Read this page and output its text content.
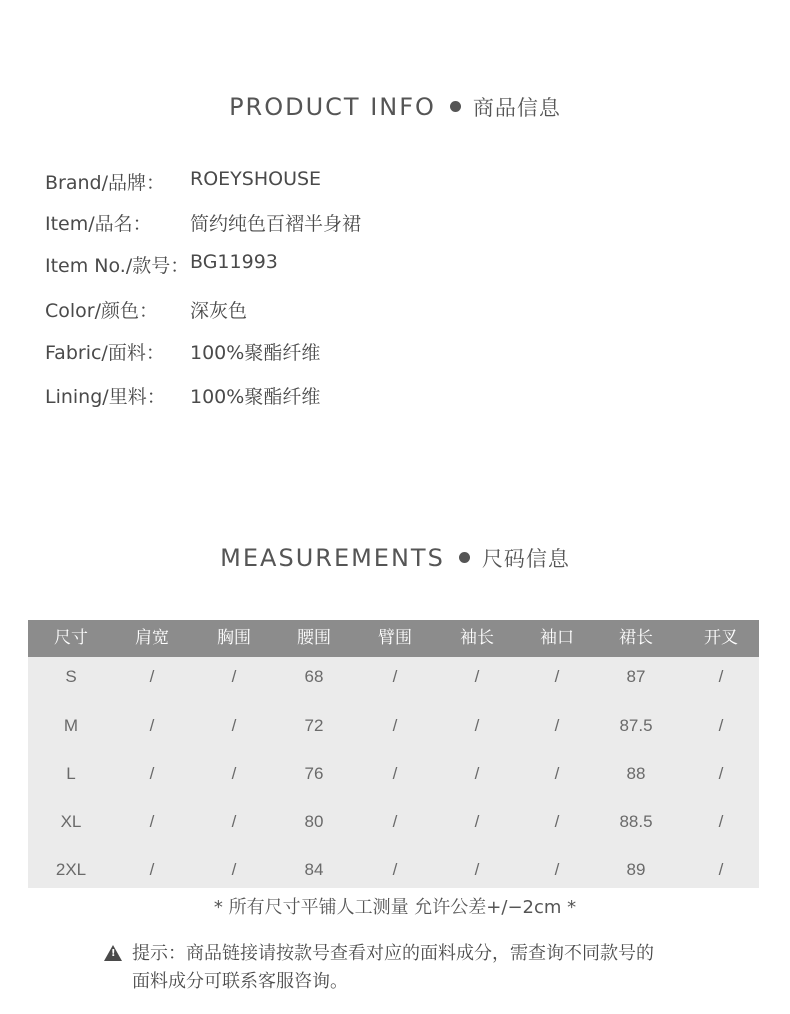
PRODUCT INFO 商品信息
Brand/品牌： ROEYSHOUSE
Item/品名： 简约纯色百褶半身裙
Item No./款号： BG11993
Color/颜色： 深灰色
Fabric/面料： 100%聚酯纤维
Lining/里料： 100%聚酯纤维
MEASUREMENTS 尺码信息
尺寸	肩宽	胸围	腰围	臂围	袖长	袖口	裙长	开叉
S	/	/	68	/	/	/	87	/
M	/	/	72	/	/	/	87.5	/
L	/	/	76	/	/	/	88	/
XL	/	/	80	/	/	/	88.5	/
2XL	/	/	84	/	/	/	89	/
* 所有尺寸平铺人工测量 允许公差+/−2cm *
!
提示：商品链接请按款号查看对应的面料成分，需查询不同款号的
面料成分可联系客服咨询。
